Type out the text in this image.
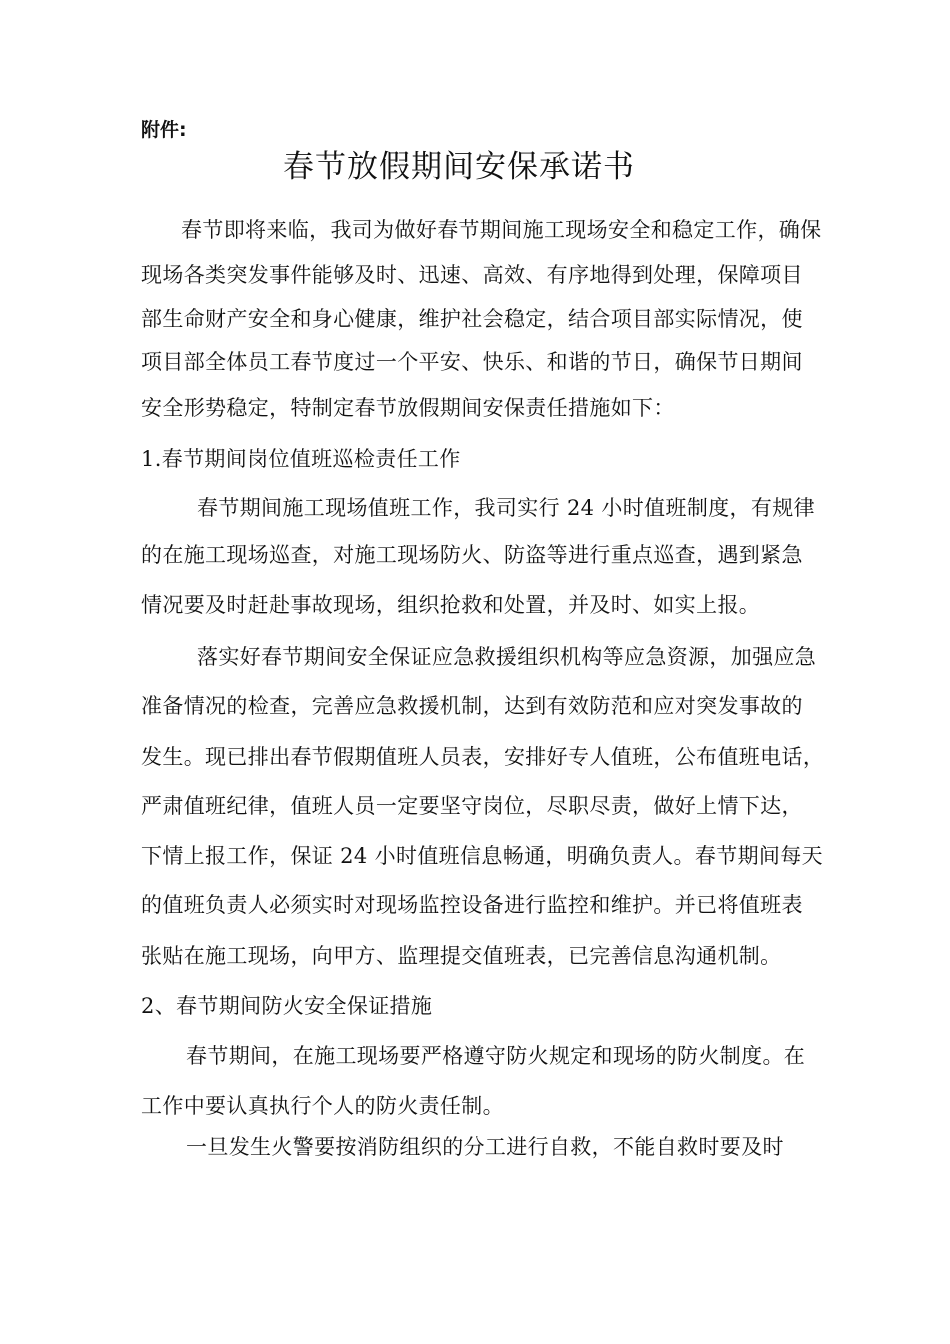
附件:
春节放假期间安保承诺书
春节即将来临，我司为做好春节期间施工现场安全和稳定工作，确保
现场各类突发事件能够及时、迅速、高效、有序地得到处理，保障项目
部生命财产安全和身心健康，维护社会稳定，结合项目部实际情况，使
项目部全体员工春节度过一个平安、快乐、和谐的节日，确保节日期间
安全形势稳定，特制定春节放假期间安保责任措施如下：
1.春节期间岗位值班巡检责任工作
春节期间施工现场值班工作，我司实行 24 小时值班制度，有规律
的在施工现场巡查，对施工现场防火、防盗等进行重点巡查，遇到紧急
情况要及时赶赴事故现场，组织抢救和处置，并及时、如实上报。
落实好春节期间安全保证应急救援组织机构等应急资源，加强应急
准备情况的检查，完善应急救援机制，达到有效防范和应对突发事故的
发生。现已排出春节假期值班人员表，安排好专人值班，公布值班电话，
严肃值班纪律，值班人员一定要坚守岗位，尽职尽责，做好上情下达，
下情上报工作，保证 24 小时值班信息畅通，明确负责人。春节期间每天
的值班负责人必须实时对现场监控设备进行监控和维护。并已将值班表
张贴在施工现场，向甲方、监理提交值班表，已完善信息沟通机制。
2、春节期间防火安全保证措施
春节期间，在施工现场要严格遵守防火规定和现场的防火制度。在
工作中要认真执行个人的防火责任制。
一旦发生火警要按消防组织的分工进行自救，不能自救时要及时
